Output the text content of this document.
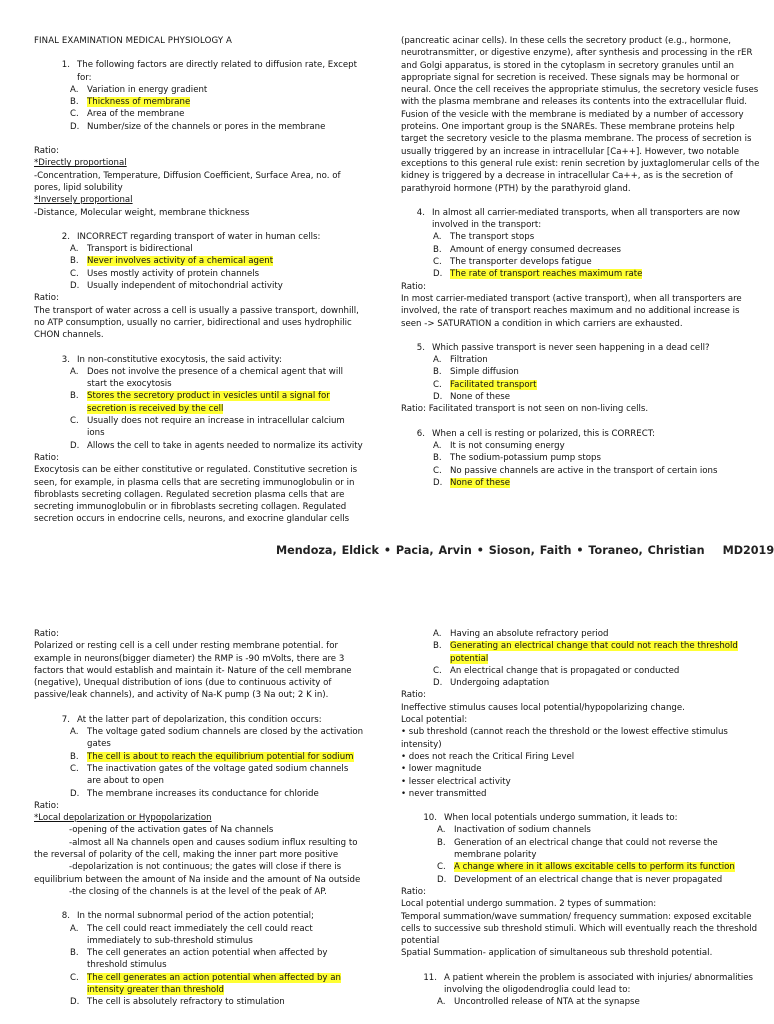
FINAL EXAMINATION MEDICAL PHYSIOLOGY A

1. The following factors are directly related to diffusion rate, Except for:
A. Variation in energy gradient
B. Thickness of membrane
C. Area of the membrane
D. Number/size of the channels or pores in the membrane

Ratio:

*Directly proportional

-Concentration, Temperature, Diffusion Coefficient, Surface Area, no. of pores, lipid solubility

*Inversely proportional

-Distance, Molecular weight, membrane thickness

2. INCORRECT regarding transport of water in human cells:
A. Transport is bidirectional
B. Never involves activity of a chemical agent
C. Uses mostly activity of protein channels
D. Usually independent of mitochondrial activity

Ratio:

The transport of water across a cell is usually a passive transport, downhill, no ATP consumption, usually no carrier, bidirectional and uses hydrophilic CHON channels.

3. In non-constitutive exocytosis, the said activity:
A. Does not involve the presence of a chemical agent that will start the exocytosis
B. Stores the secretory product in vesicles until a signal for secretion is received by the cell
C. Usually does not require an increase in intracellular calcium ions
D. Allows the cell to take in agents needed to normalize its activity

Ratio:

Exocytosis can be either constitutive or regulated. Constitutive secretion is seen, for example, in plasma cells that are secreting immunoglobulin or in fibroblasts secreting collagen. Regulated secretion plasma cells that are secreting immunoglobulin or in fibroblasts secreting collagen. Regulated secretion occurs in endocrine cells, neurons, and exocrine glandular cells

(pancreatic acinar cells). In these cells the secretory product (e.g., hormone, neurotransmitter, or digestive enzyme), after synthesis and processing in the rER and Golgi apparatus, is stored in the cytoplasm in secretory granules until an appropriate signal for secretion is received. These signals may be hormonal or neural. Once the cell receives the appropriate stimulus, the secretory vesicle fuses with the plasma membrane and releases its contents into the extracellular fluid. Fusion of the vesicle with the membrane is mediated by a number of accessory proteins. One important group is the SNAREs. These membrane proteins help target the secretory vesicle to the plasma membrane. The process of secretion is usually triggered by an increase in intracellular [Ca++]. However, two notable exceptions to this general rule exist: renin secretion by juxtaglomerular cells of the kidney is triggered by a decrease in intracellular Ca++, as is the secretion of parathyroid hormone (PTH) by the parathyroid gland.

4. In almost all carrier-mediated transports, when all transporters are now involved in the transport:
A. The transport stops
B. Amount of energy consumed decreases
C. The transporter develops fatigue
D. The rate of transport reaches maximum rate

Ratio:

In most carrier-mediated transport (active transport), when all transporters are involved, the rate of transport reaches maximum and no additional increase is seen -> SATURATION a condition in which carriers are exhausted.

5. Which passive transport is never seen happening in a dead cell?
A. Filtration
B. Simple diffusion
C. Facilitated transport
D. None of these

Ratio: Facilitated transport is not seen on non-living cells.

6. When a cell is resting or polarized, this is CORRECT:
A. It is not consuming energy
B. The sodium-potassium pump stops
C. No passive channels are active in the transport of certain ions
D. None of these
Mendoza, Eldick • Pacia, Arvin • Sioson, Faith • Toraneo, Christian MD2019

Ratio:

Polarized or resting cell is a cell under resting membrane potential. for example in neurons(bigger diameter) the RMP is -90 mVolts, there are 3 factors that would establish and maintain it- Nature of the cell membrane (negative), Unequal distribution of ions (due to continuous activity of passive/leak channels), and activity of Na-K pump (3 Na out; 2 K in).

7. At the latter part of depolarization, this condition occurs:
A. The voltage gated sodium channels are closed by the activation gates
B. The cell is about to reach the equilibrium potential for sodium
C. The inactivation gates of the voltage gated sodium channels are about to open
D. The membrane increases its conductance for chloride

Ratio:

*Local depolarization or Hypopolarization

-opening of the activation gates of Na channels

-almost all Na channels open and causes sodium influx resulting to the reversal of polarity of the cell, making the inner part more positive

-depolarization is not continuous; the gates will close if there is equilibrium between the amount of Na inside and the amount of Na outside

-the closing of the channels is at the level of the peak of AP.

8. In the normal subnormal period of the action potential;
A. The cell could react immediately the cell could react immediately to sub-threshold stimulus
B. The cell generates an action potential when affected by threshold stimulus
C. The cell generates an action potential when affected by an intensity greater than threshold
D. The cell is absolutely refractory to stimulation
A. Having an absolute refractory period
B. Generating an electrical change that could not reach the threshold potential
C. An electrical change that is propagated or conducted
D. Undergoing adaptation

Ratio:

Ineffective stimulus causes local potential/hypopolarizing change.

Local potential:

• sub threshold (cannot reach the threshold or the lowest effective stimulus intensity)

• does not reach the Critical Firing Level

• lower magnitude

• lesser electrical activity

• never transmitted

10. When local potentials undergo summation, it leads to:
A. Inactivation of sodium channels
B. Generation of an electrical change that could not reverse the membrane polarity
C. A change where in it allows excitable cells to perform its function
D. Development of an electrical change that is never propagated

Ratio:

Local potential undergo summation. 2 types of summation:

Temporal summation/wave summation/ frequency summation: exposed excitable cells to successive sub threshold stimuli. Which will eventually reach the threshold potential

Spatial Summation- application of simultaneous sub threshold potential.

11. A patient wherein the problem is associated with injuries/ abnormalities involving the oligodendroglia could lead to:
A. Uncontrolled release of NTA at the synapse
